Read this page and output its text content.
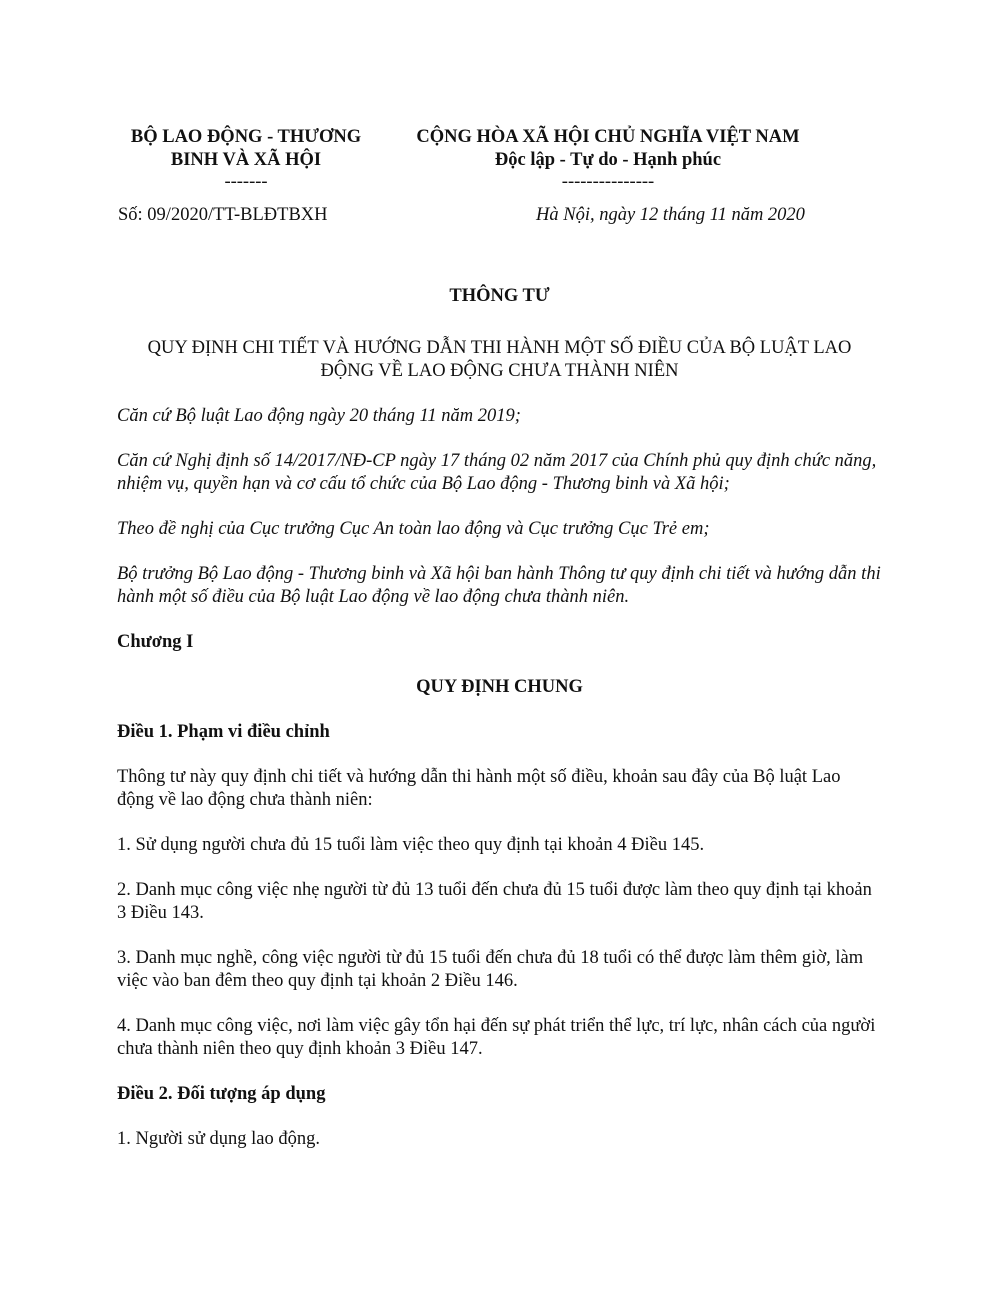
BỘ LAO ĐỘNG - THƯƠNG
BINH VÀ XÃ HỘI
-------
CỘNG HÒA XÃ HỘI CHỦ NGHĨA VIỆT NAM
Độc lập - Tự do - Hạnh phúc
---------------
Số: 09/2020/TT-BLĐTBXH	Hà Nội, ngày 12 tháng 11 năm 2020

THÔNG TƯ

QUY ĐỊNH CHI TIẾT VÀ HƯỚNG DẪN THI HÀNH MỘT SỐ ĐIỀU CỦA BỘ LUẬT LAO

ĐỘNG VỀ LAO ĐỘNG CHƯA THÀNH NIÊN

Căn cứ Bộ luật Lao động ngày 20 tháng 11 năm 2019;

Căn cứ Nghị định số 14/2017/NĐ-CP ngày 17 tháng 02 năm 2017 của Chính phủ quy định chức năng, nhiệm vụ, quyền hạn và cơ cấu tổ chức của Bộ Lao động - Thương binh và Xã hội;

Theo đề nghị của Cục trưởng Cục An toàn lao động và Cục trưởng Cục Trẻ em;

Bộ trưởng Bộ Lao động - Thương binh và Xã hội ban hành Thông tư quy định chi tiết và hướng dẫn thi hành một số điều của Bộ luật Lao động về lao động chưa thành niên.

Chương I

QUY ĐỊNH CHUNG

Điều 1. Phạm vi điều chỉnh

Thông tư này quy định chi tiết và hướng dẫn thi hành một số điều, khoản sau đây của Bộ luật Lao động về lao động chưa thành niên:

1. Sử dụng người chưa đủ 15 tuổi làm việc theo quy định tại khoản 4 Điều 145.

2. Danh mục công việc nhẹ người từ đủ 13 tuổi đến chưa đủ 15 tuổi được làm theo quy định tại khoản 3 Điều 143.

3. Danh mục nghề, công việc người từ đủ 15 tuổi đến chưa đủ 18 tuổi có thể được làm thêm giờ, làm việc vào ban đêm theo quy định tại khoản 2 Điều 146.

4. Danh mục công việc, nơi làm việc gây tổn hại đến sự phát triển thể lực, trí lực, nhân cách của người chưa thành niên theo quy định khoản 3 Điều 147.

Điều 2. Đối tượng áp dụng

1. Người sử dụng lao động.
